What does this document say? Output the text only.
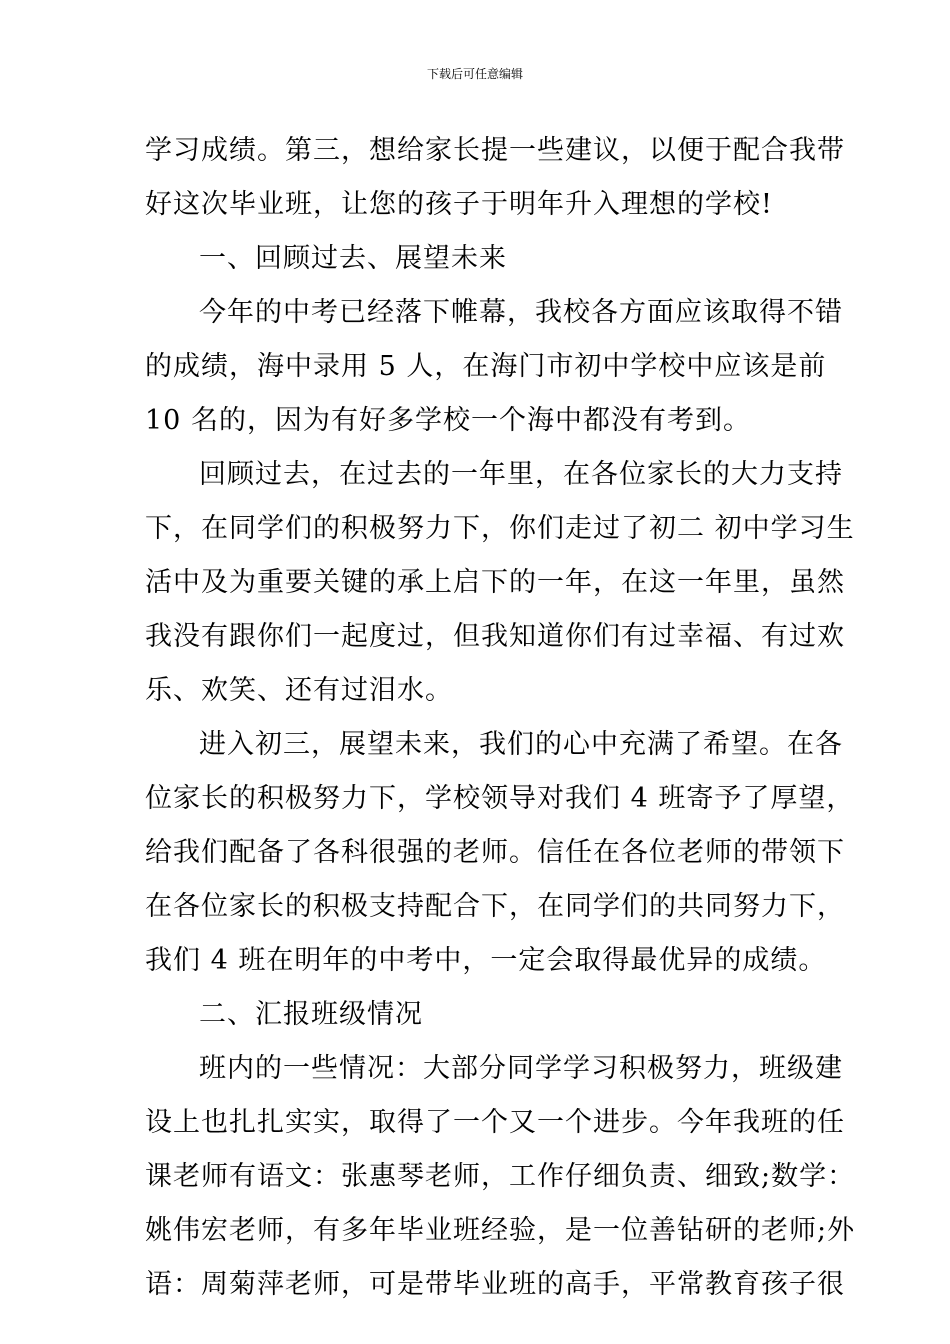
下载后可任意编辑

学习成绩。第三，想给家长提一些建议，以便于配合我带
好这次毕业班，让您的孩子于明年升入理想的学校!

一、回顾过去、展望未来

今年的中考已经落下帷幕，我校各方面应该取得不错
的成绩，海中录用 5 人，在海门市初中学校中应该是前
10 名的，因为有好多学校一个海中都没有考到。

回顾过去，在过去的一年里，在各位家长的大力支持
下，在同学们的积极努力下，你们走过了初二 初中学习生
活中及为重要关键的承上启下的一年，在这一年里，虽然
我没有跟你们一起度过，但我知道你们有过幸福、有过欢
乐、欢笑、还有过泪水。

进入初三，展望未来，我们的心中充满了希望。在各
位家长的积极努力下，学校领导对我们 4 班寄予了厚望，
给我们配备了各科很强的老师。信任在各位老师的带领下
在各位家长的积极支持配合下，在同学们的共同努力下，
我们 4 班在明年的中考中，一定会取得最优异的成绩。

二、汇报班级情况

班内的一些情况：大部分同学学习积极努力，班级建
设上也扎扎实实，取得了一个又一个进步。今年我班的任
课老师有语文：张惠琴老师，工作仔细负责、细致;数学：
姚伟宏老师，有多年毕业班经验，是一位善钻研的老师;外
语：周菊萍老师，可是带毕业班的高手，平常教育孩子很
